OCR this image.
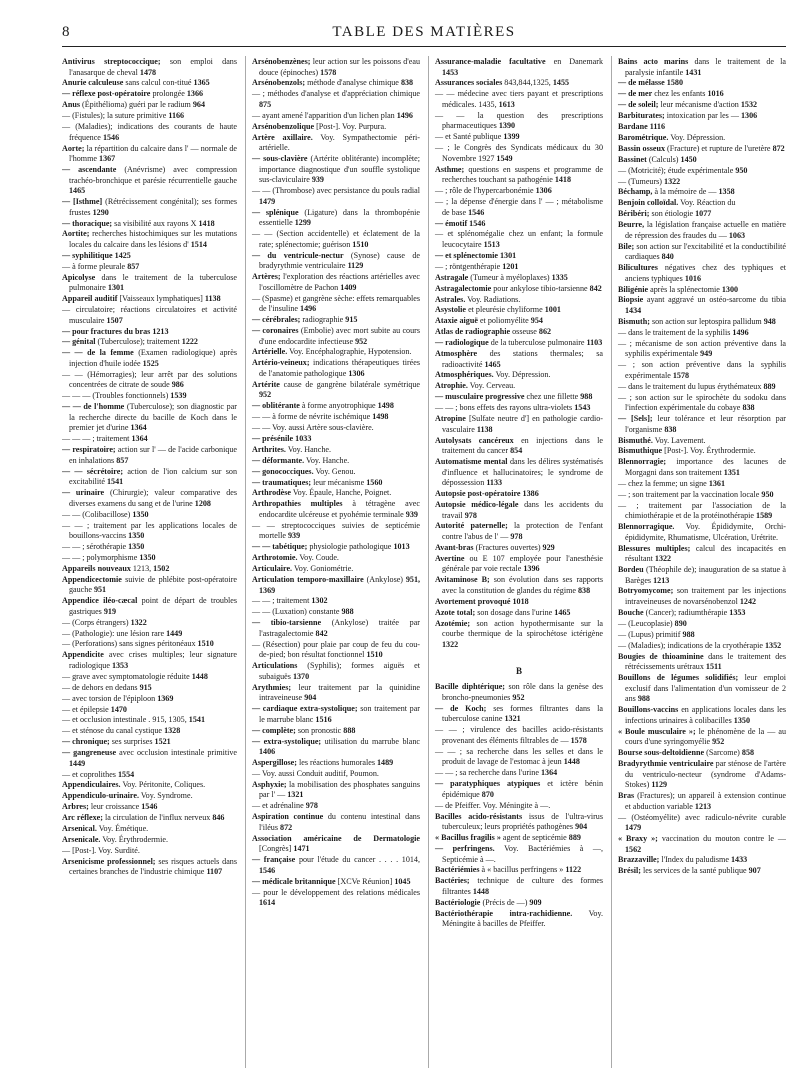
8	TABLE DES MATIÈRES
Antivirus streptococcique; son emploi dans l'anasarque de cheval 1478
Anurie calculeuse sans calcul con-titué 1365
— réflexe post-opératoire prolongée 1366
Anus (Épithélioma) guéri par le radium 964
— (Fistules); la suture primitive 1166
— (Maladies); indications des courants de haute fréquence 1546
Aorte; la répartition du calcaire dans l' — normale de l'homme 1367
— ascendante (Anévrisme) avec compression trachéo-bronchique et parésie récurrentielle gauche 1465
— [Isthme] (Rétrécissement congénital); ses formes frustes 1290
— thoracique; sa visibilité aux rayons X 1418
Aortite; recherches histochimiques sur les mutations locales du calcaire dans les lésions d' 1514
— syphilitique 1425
— à forme pleurale 857
Apicolyse dans le traitement de la tuberculose pulmonaire 1301
Appareil auditif [Vaisseaux lymphatiques] 1138
— circulatoire; réactions circulatoires et activité musculaire 1507
— pour fractures du bras 1213
— génital (Tuberculose); traitement 1222
— — de la femme (Examen radiologique) après injection d'huile iodée 1525
— — (Hémorragies); leur arrêt par des solutions concentrées de citrate de soude 986
— — — (Troubles fonctionnels) 1539
— — de l'homme (Tuberculose); son diagnostic par la recherche directe du bacille de Koch dans le premier jet d'urine 1364
— — — ; traitement 1364
— respiratoire; action sur l' — de l'acide carbonique en inhalations 857
— — sécrétoire; action de l'ion calcium sur son excitabilité 1541
— urinaire (Chirurgie); valeur comparative des diverses examens du sang et de l'urine 1208
— — (Colibacillose) 1350
— — ; traitement par les applications locales de bouillons-vaccins 1350
— — ; sérothérapie 1350
— — ; polymorphisme 1350
Appareils nouveaux 1213, 1502
Appendicectomie suivie de phlébite post-opératoire gauche 951
Appendice iléo-cæcal point de départ de troubles gastriques 919
— (Corps étrangers) 1322
— (Pathologie): une lésion rare 1449
— (Perforations) sans signes péritonéaux 1510
Appendicite avec crises multiples; leur signature radiologique 1353
— grave avec symptomatologie réduite 1448
— de dehors en dedans 915
— avec torsion de l'épiploon 1369
— et épilepsie 1470
— et occlusion intestinale . 915, 1305, 1541
— et sténose du canal cystique 1328
— chronique; ses surprises 1521
— gangreneuse avec occlusion intestinale primitive 1449
— et coprolithes 1554
Appendiculaires. Voy. Péritonite, Coliques.
Appendiculo-urinaire. Voy. Syndrome.
Arbres; leur croissance 1546
Arc réflexe; la circulation de l'influx nerveux 846
Arsenical. Voy. Émétique.
Arsenicale. Voy. Érythrodermie.
— [Post-]. Voy. Surdité.
Arsenicisme professionnel; ses risques actuels dans certaines branches de l'industrie chimique 1107
Arsénobenzènes; leur action sur les poissons d'eau douce (épinoches) 1578
Arsénobenzols; méthode d'analyse chimique 838
— ; méthodes d'analyse et d'appréciation chimique 875
— ayant amené l'apparition d'un lichen plan 1496
Arsénobenzolique [Post-]. Voy. Purpura.
Artère axillaire. Voy. Sympathectomie péri-artérielle.
— sous-clavière (Artérite oblitérante) incomplète; importance diagnostique d'un souffle systolique sus-claviculaire 939
— — (Thrombose) avec persistance du pouls radial 1479
— splénique (Ligature) dans la thrombopénie essentielle 1299
— — (Section accidentelle) et éclatement de la rate; splénectomie; guérison 1510
— du ventricule-nectur (Synose) cause de bradyrythmie ventriculaire 1129
Artères; l'exploration des réactions artérielles avec l'oscillomètre de Pachon 1409
— (Spasme) et gangrène sèche: effets remarquables de l'insuline 1496
— cérébrales; radiographie 915
— coronaires (Embolie) avec mort subite au cours d'une endocardite infectieuse 952
Artérielle. Voy. Encéphalographie, Hypotension.
Artério-veineux; indications thérapeutiques tirées de l'anatomie pathologique 1306
Artérite cause de gangrène bilatérale symétrique 952
— oblitérante à forme anyotrophique 1498
— — à forme de névrite ischémique 1498
— — Voy. aussi Artère sous-clavière.
— présénile 1033
Arthrites. Voy. Hanche.
— déformante. Voy. Hanche.
— gonococciques. Voy. Genou.
— traumatiques; leur mécanisme 1560
Arthrodèse Voy. Épaule, Hanche, Poignet.
Arthropathies multiples à tétragène avec endocardite ulcéreuse et pyohémie terminale 939
— — streptococciques suivies de septicémie mortelle 939
— — tabétique; physiologie pathologique 1013
Arthrotomie. Voy. Coude.
Articulaire. Voy. Goniométrie.
Articulation temporo-maxillaire (Ankylose) 951, 1369
— — ; traitement 1302
— — (Luxation) constante 988
— tibio-tarsienne (Ankylose) traitée par l'astragalectomie 842
— (Résection) pour plaie par coup de feu du cou-de-pied; bon résultat fonctionnel 1510
Articulations (Syphilis); formes aiguës et subaiguës 1370
Arythmies; leur traitement par la quinidine intraveineuse 904
— cardiaque extra-systolique; son traitement par le marrube blanc 1516
— complète; son pronostic 888
— extra-systolique; utilisation du marrube blanc 1406
Aspergillose; les réactions humorales 1489
— Voy. aussi Conduit auditif, Poumon.
Asphyxie; la mobilisation des phosphates sanguins par l' — 1321
— et adrénaline 978
Aspiration continue du contenu intestinal dans l'iléus 872
Association américaine de Dermatologie [Congrès] 1471
— française pour l'étude du cancer . . . . 1014, 1546
— médicale britannique [XCVe Réunion] 1045
— pour le développement des relations médicales 1614
Assurance-maladie facultative en Danemark 1453
Assurances sociales 843,844,1325, 1455
— — médecine avec tiers payant et prescriptions médicales. 1435, 1613
— — la question des prescriptions pharmaceutiques 1390
— et Santé publique 1399
— ; le Congrès des Syndicats médicaux du 30 Novembre 1927 1549
Asthme; questions en suspens et programme de recherches touchant sa pathogénie 1418
— ; rôle de l'hypercarbonémie 1306
— ; la dépense d'énergie dans l' — ; métabolisme de base 1546
— émotif 1546
— et splénomégalie chez un enfant; la formule leucocytaire 1513
— et splénectomie 1301
— ; röntgenthérapie 1201
Astragale (Tumeur à myéloplaxes) 1335
Astragalectomie pour ankylose tibio-tarsienne 842
Astrales. Voy. Radiations.
Asystolie et pleurésie chyliforme 1001
Ataxie aiguë et poliomyélite 954
Atlas de radiographie osseuse 862
— radiologique de la tuberculose pulmonaire 1103
Atmosphère des stations thermales; sa radioactivité 1465
Atmosphériques. Voy. Dépression.
Atrophie. Voy. Cerveau.
— musculaire progressive chez une fillette 988
— — ; bons effets des rayons ultra-violets 1543
Atropine [Sulfate neutre d'] en pathologie cardio-vasculaire 1138
Autolysats cancéreux en injections dans le traitement du cancer 854
Automatisme mental dans les délires systématisés d'influence et hallucinatoires; le syndrome de dépossession 1133
Autopsie post-opératoire 1386
Autopsie médico-légale dans les accidents du travail 978
Autorité paternelle; la protection de l'enfant contre l'abus de l' — 978
Avant-bras (Fractures ouvertes) 929
Avertine ou E 107 employée pour l'anesthésie générale par voie rectale 1396
Avitaminose B; son évolution dans ses rapports avec la constitution de glandes du régime 838
Avortement provoqué 1018
Azote total; son dosage dans l'urine 1465
Azotémie; son action hypothermisante sur la courbe thermique de la spirochétose ictérigène 1322
B
Bacille diphtérique; son rôle dans la genèse des broncho-pneumonies 952
— de Koch; ses formes filtrantes dans la tuberculose canine 1321
— — ; virulence des bacilles acido-résistants provenant des éléments filtrables de — 1578
— — ; sa recherche dans les selles et dans le produit de lavage de l'estomac à jeun 1448
— — ; sa recherche dans l'urine 1364
— paratyphiques atypiques et ictère bénin épidémique 870
— de Pfeiffer. Voy. Méningite à —.
Bacilles acido-résistants issus de l'ultra-virus tuberculeux; leurs propriétés pathogènes 904
« Bacillus fragilis » agent de septicémie 889
— perfringens. Voy. Bactériémies à —, Septicémie à —.
Bactériémies à « bacillus perfringens » 1122
Bactéries; technique de culture des formes filtrantes 1448
Bactériologie (Précis de —) 909
Bactériothérapie intra-rachidienne. Voy. Méningite à bacilles de Pfeiffer.
Bains acto marins dans le traitement de la paralysie infantile 1431
— de mélasse 1580
— de mer chez les enfants 1016
— de soleil; leur mécanisme d'action 1532
Barbiturates; intoxication par les — 1306
Bardane 1116
Barométrique. Voy. Dépression.
Bassin osseux (Fracture) et rupture de l'uretère 872
Bassinet (Calculs) 1450
— (Motricité); étude expérimentale 950
— (Tumeurs) 1322
Béchamp, à la mémoire de — 1358
Benjoin colloïdal. Voy. Réaction du
Béribéri; son étiologie 1077
Beurre, la législation française actuelle en matière de répression des fraudes du — 1063
Bile; son action sur l'excitabilité et la conductibilité cardiaques 840
Bilicultures négatives chez des typhiques et anciens typhiques 1016
Biligénie après la splénectomie 1300
Biopsie ayant aggravé un ostéo-sarcome du tibia 1434
Bismuth; son action sur leptospira pallidum 948
— dans le traitement de la syphilis 1496
— ; mécanisme de son action préventive dans la syphilis expérimentale 949
— ; son action préventive dans la syphilis expérimentale 1578
— dans le traitement du lupus érythémateux 889
— ; son action sur le spirochète du sodoku dans l'infection expérimentale du cobaye 838
— [Sels]; leur tolérance et leur résorption par l'organisme 838
Bismuthé. Voy. Lavement.
Bismuthique [Post-]. Voy. Érythrodermie.
Blennorragie; importance des lacunes de Morgagni dans son traitement 1351
— chez la femme; un signe 1361
— ; son traitement par la vaccination locale 950
— ; traitement par l'association de la chimiothérapie et de la protéinothérapie 1589
Blennorragique. Voy. Épididymite, Orchi-épididymite, Rhumatisme, Ulcération, Urétrite.
Blessures multiples; calcul des incapacités en résultant 1322
Bordeu (Théophile de); inauguration de sa statue à Barèges 1213
Botryomycome; son traitement par les injections intraveineuses de novarsénobenzol 1242
Bouche (Cancer); radiumthérapie 1353
— (Leucoplasie) 890
— (Lupus) primitif 988
— (Maladies); indications de la cryothérapie 1352
Bougies de thioaminine dans le traitement des rétrécissements urétraux 1511
Bouillons de légumes solidifiés; leur emploi exclusif dans l'alimentation d'un vomisseur de 2 ans 988
Bouillons-vaccins en applications locales dans les infections urinaires à colibacilles 1350
« Boule musculaire »; le phénomène de la — au cours d'une syringomyélie 952
Bourse sous-deltoïdienne (Sarcome) 858
Bradyrythmie ventriculaire par sténose de l'artère du ventriculo-necteur (syndrome d'Adams-Stokes) 1129
Bras (Fractures); un appareil à extension continue et abduction variable 1213
— (Ostéomyélite) avec radiculo-névrite curable 1479
« Braxy »; vaccination du mouton contre le — 1562
Brazzaville; l'Index du paludisme 1433
Brésil; les services de la santé publique 907
